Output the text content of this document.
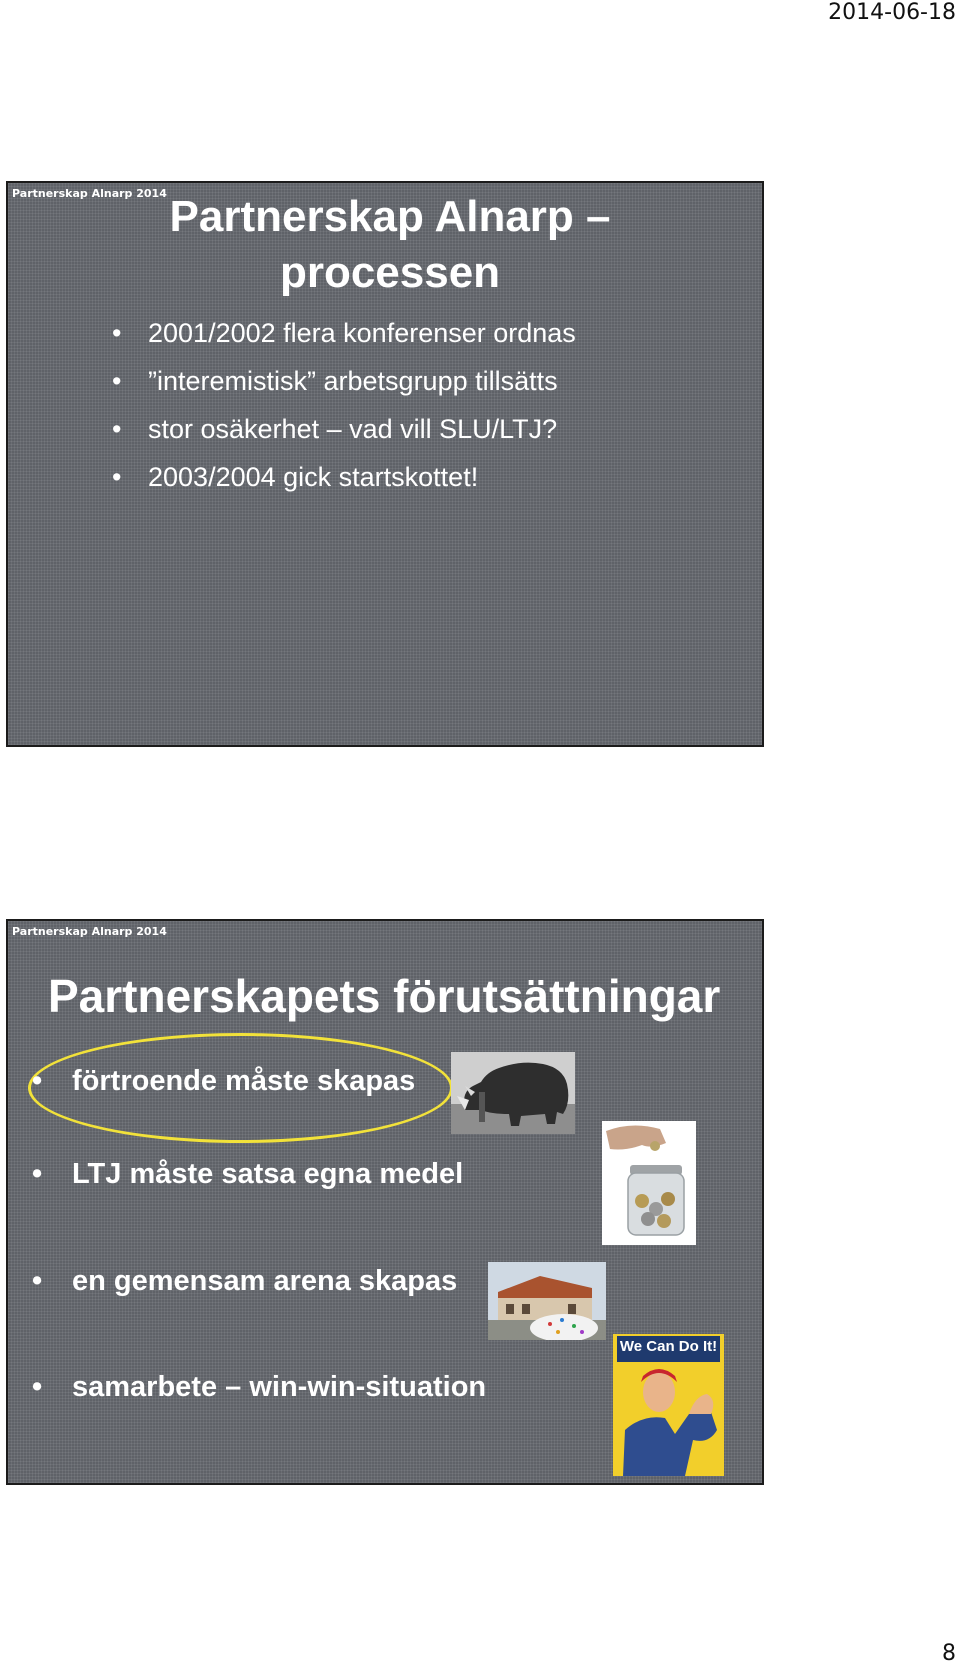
2014-06-18
Partnerskap Alnarp 2014 Partnerskap Alnarp –
processen
• 2001/2002 flera konferenser ordnas
• ”interemistisk” arbetsgrupp tillsätts
• stor osäkerhet – vad vill SLU/LTJ?
• 2003/2004 gick startskottet!
Partnerskap Alnarp 2014
Partnerskapets förutsättningar
• förtroende måste skapas
• LTJ måste satsa egna medel
• en gemensam arena skapas
• samarbete – win-win-situation
We Can Do It!
8
